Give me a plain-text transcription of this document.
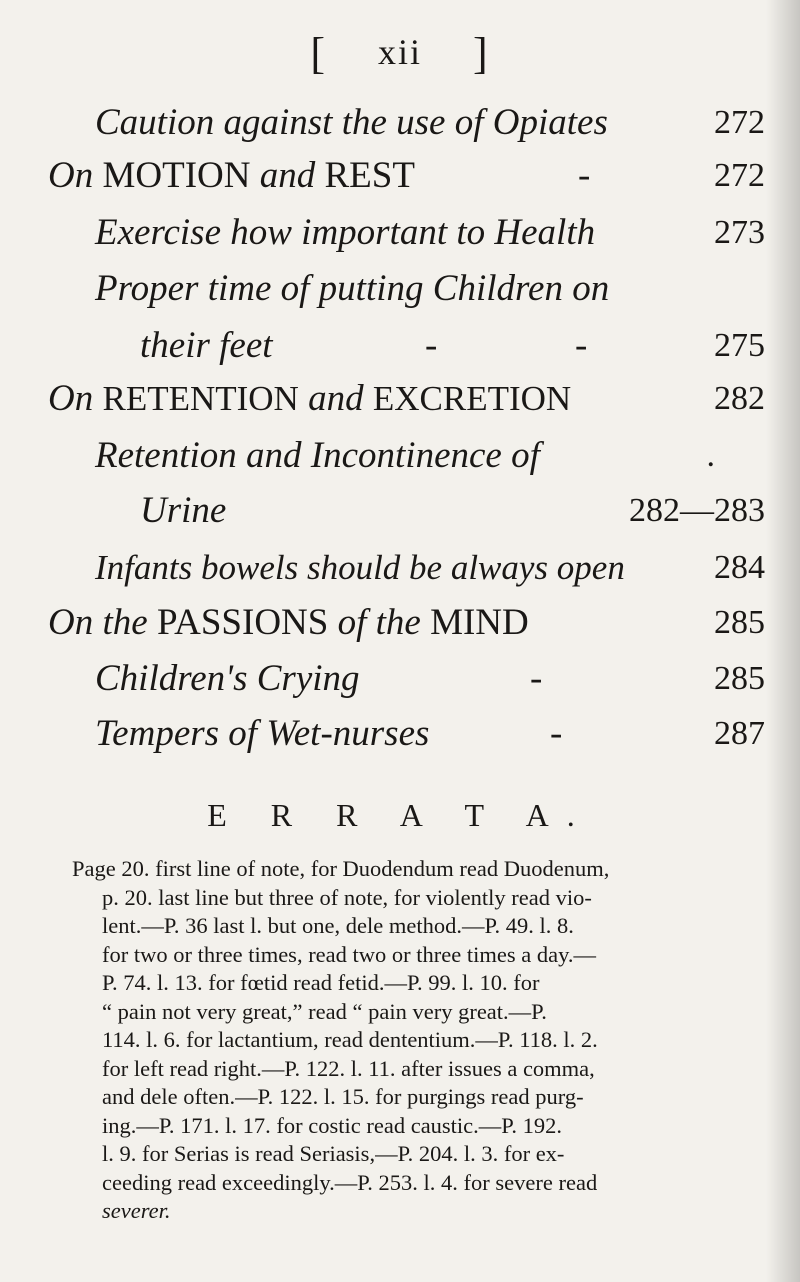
[ xii ]
Caution against the use of Opiates	272
On MOTION and REST	-	272
Exercise how important to Health	273
Proper time of putting Children on
their feet	-	-	275
On RETENTION and EXCRETION	282
Retention and Incontinence of	.
Urine	282—283
Infants bowels should be always open	284
On the PASSIONS of the MIND	285
Children's Crying	-	285
Tempers of Wet-nurses	-	287
E R R A T A.
Page 20. first line of note, for Duodendum read Duodenum,
p. 20. last line but three of note, for violently read vio-
lent.—P. 36 last l. but one, dele method.—P. 49. l. 8.
for two or three times, read two or three times a day.—
P. 74. l. 13. for fœtid read fetid.—P. 99. l. 10. for
“ pain not very great,” read “ pain very great.—P.
114. l. 6. for lactantium, read dententium.—P. 118. l. 2.
for left read right.—P. 122. l. 11. after issues a comma,
and dele often.—P. 122. l. 15. for purgings read purg-
ing.—P. 171. l. 17. for costic read caustic.—P. 192.
l. 9. for Serias is read Seriasis,—P. 204. l. 3. for ex-
ceeding read exceedingly.—P. 253. l. 4. for severe read
severer.
